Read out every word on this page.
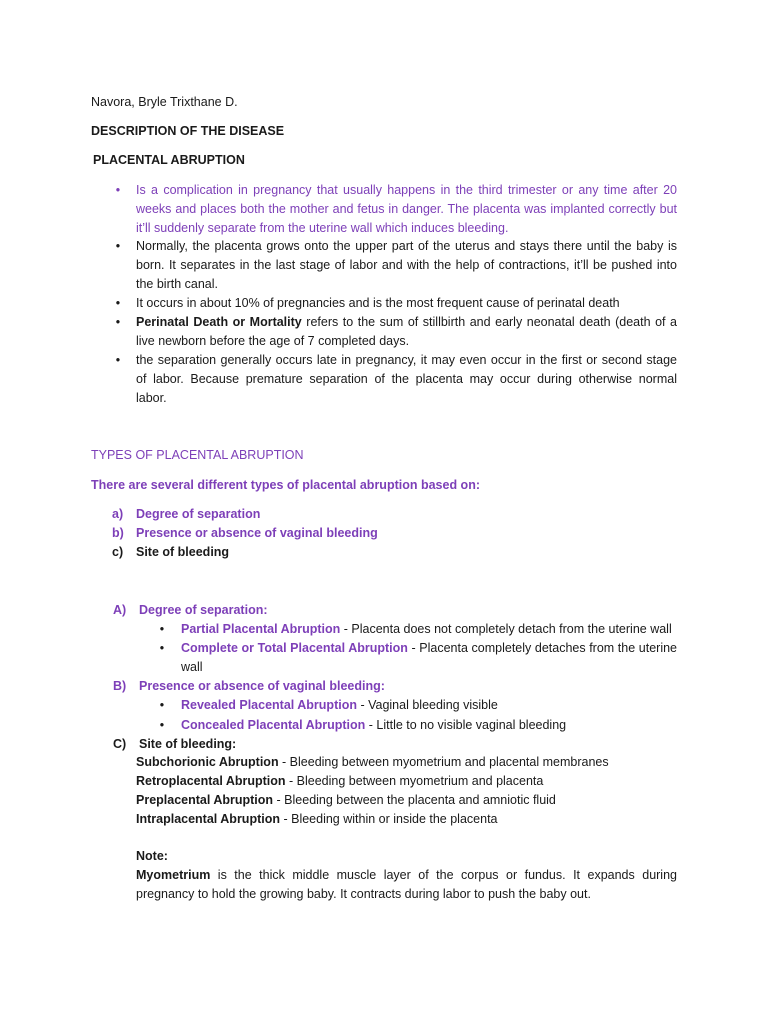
Navora, Bryle Trixthane D.
DESCRIPTION OF THE DISEASE
PLACENTAL ABRUPTION
• Is a complication in pregnancy that usually happens in the third trimester or any time after 20
weeks and places both the mother and fetus in danger. The placenta was implanted correctly but
it’ll suddenly separate from the uterine wall which induces bleeding.
• Normally, the placenta grows onto the upper part of the uterus and stays there until the baby is
born. It separates in the last stage of labor and with the help of contractions, it’ll be pushed into
the birth canal.
• It occurs in about 10% of pregnancies and is the most frequent cause of perinatal death
• Perinatal Death or Mortality refers to the sum of stillbirth and early neonatal death (death of a
live newborn before the age of 7 completed days.
• the separation generally occurs late in pregnancy, it may even occur in the first or second stage
of labor. Because premature separation of the placenta may occur during otherwise normal
labor.
TYPES OF PLACENTAL ABRUPTION
There are several different types of placental abruption based on:
a) Degree of separation
b) Presence or absence of vaginal bleeding
c) Site of bleeding
A) Degree of separation:
• Partial Placental Abruption - Placenta does not completely detach from the uterine wall
• Complete or Total Placental Abruption - Placenta completely detaches from the uterine
wall
B) Presence or absence of vaginal bleeding:
• Revealed Placental Abruption - Vaginal bleeding visible
• Concealed Placental Abruption - Little to no visible vaginal bleeding
C) Site of bleeding:
Subchorionic Abruption - Bleeding between myometrium and placental membranes
Retroplacental Abruption - Bleeding between myometrium and placenta
Preplacental Abruption - Bleeding between the placenta and amniotic fluid
Intraplacental Abruption - Bleeding within or inside the placenta
Note:
Myometrium is the thick middle muscle layer of the corpus or fundus. It expands during
pregnancy to hold the growing baby. It contracts during labor to push the baby out.
